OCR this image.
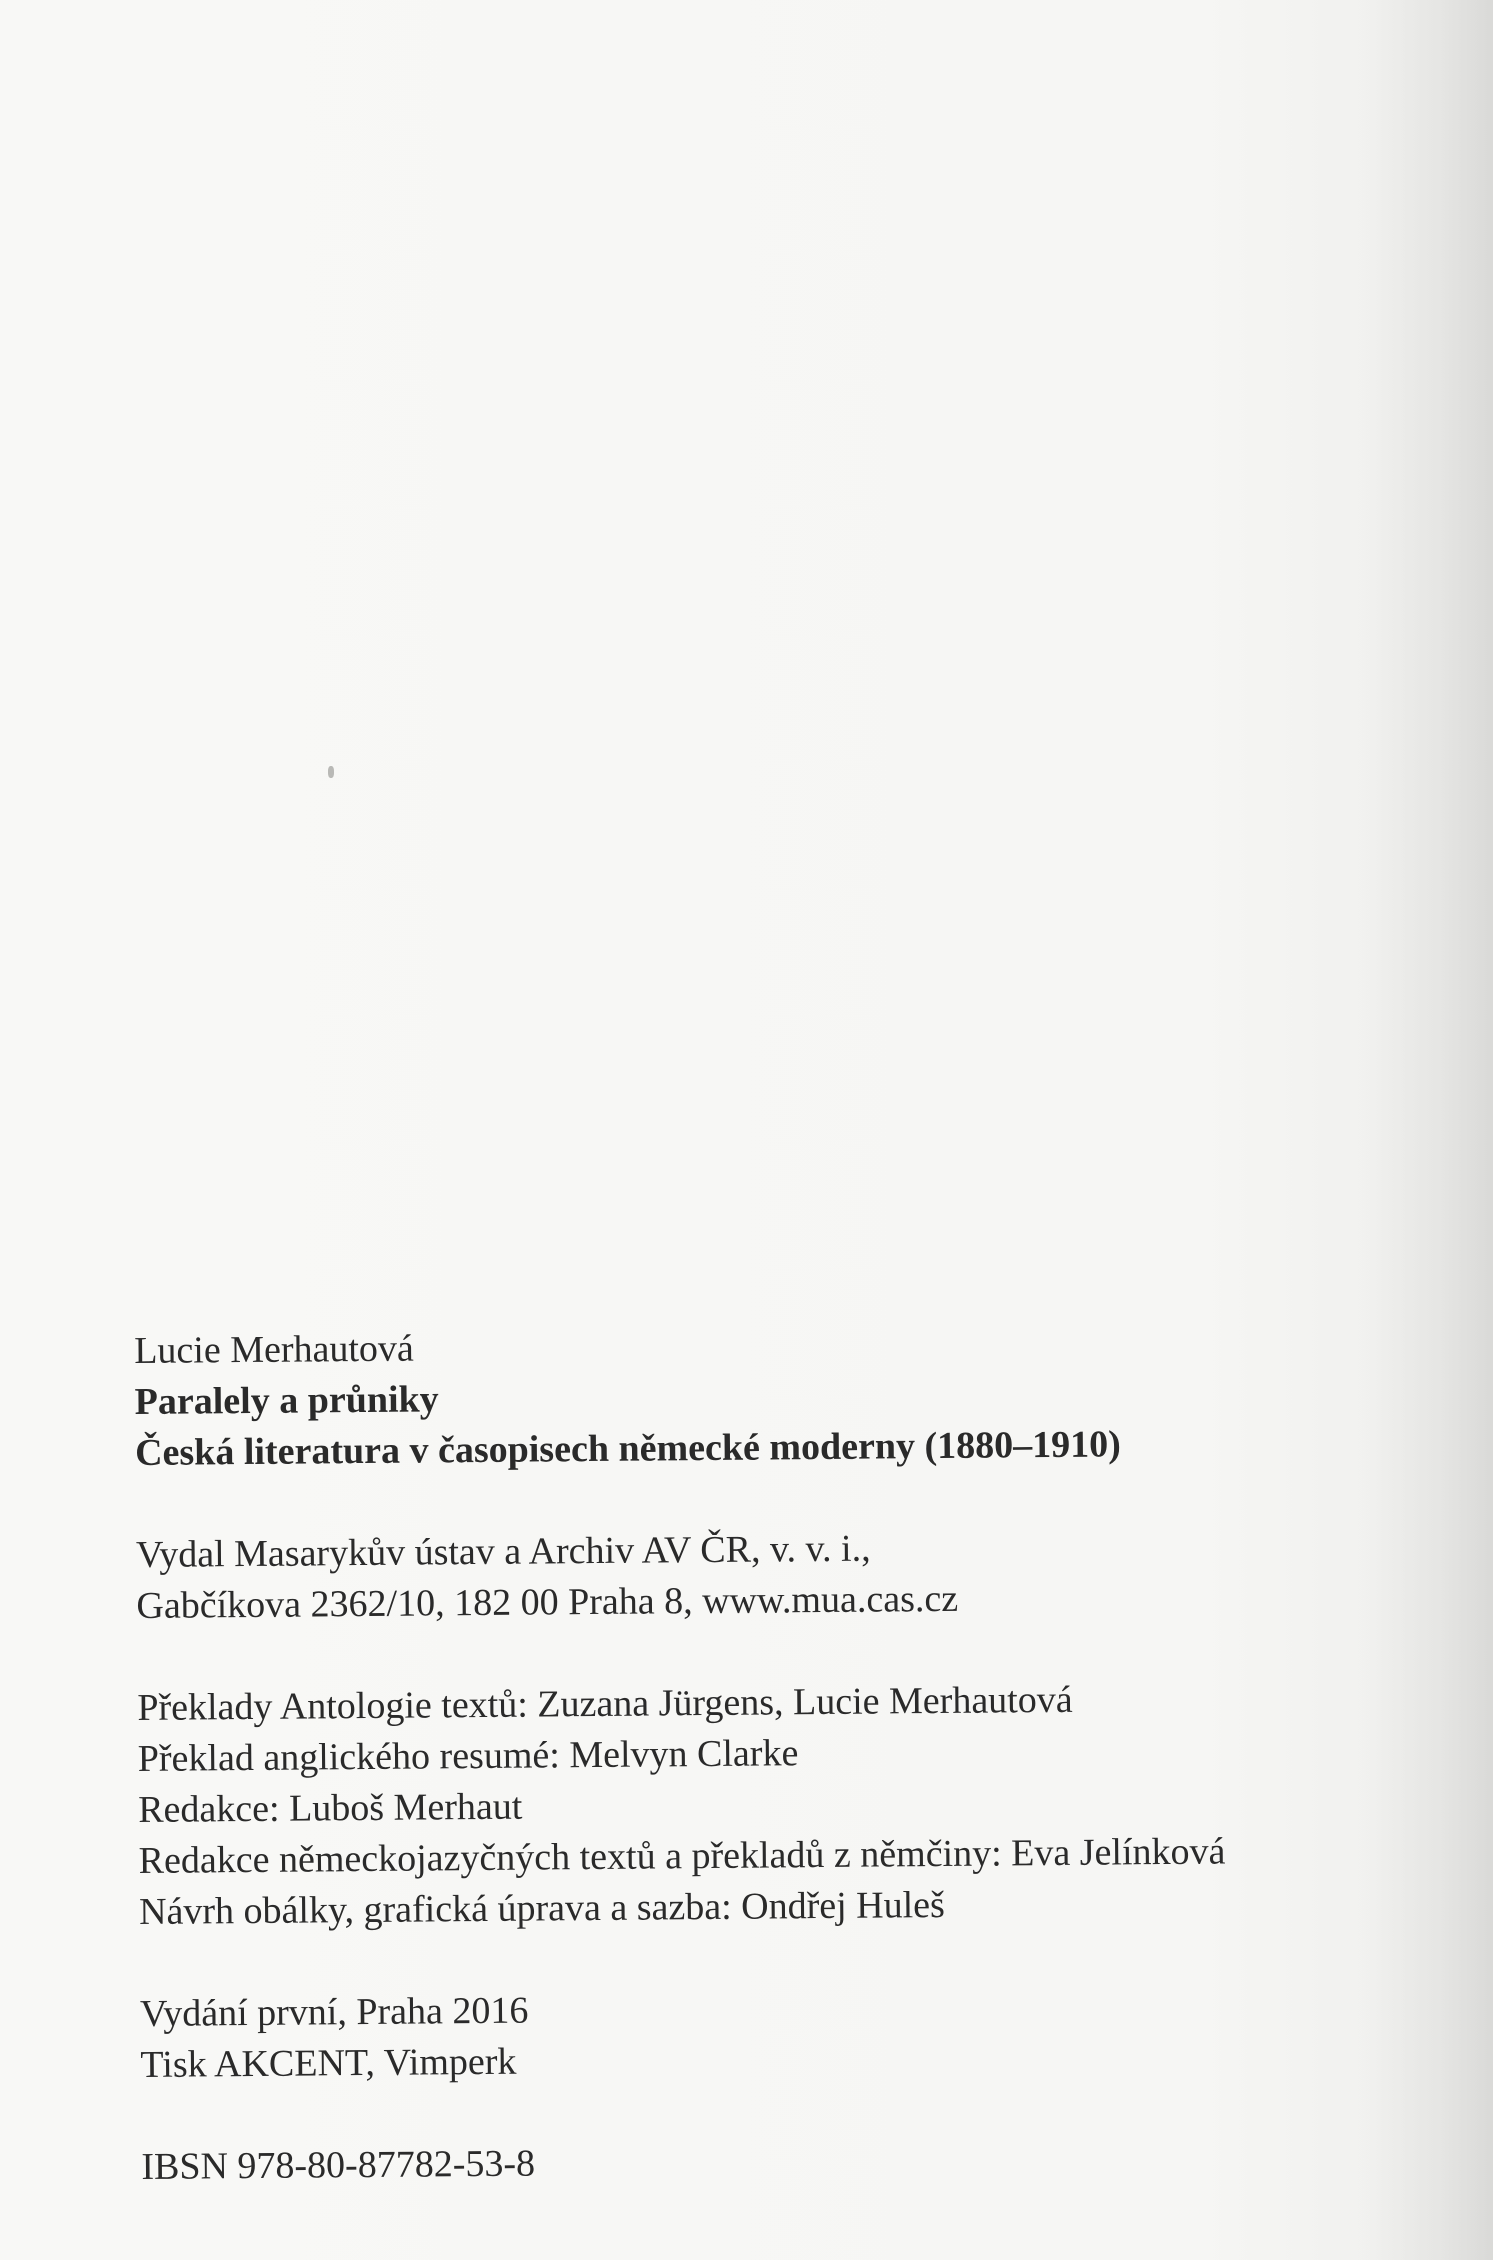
Lucie Merhautová
Paralely a průniky
Česká literatura v časopisech německé moderny (1880–1910)
Vydal Masarykův ústav a Archiv AV ČR, v. v. i.,
Gabčíkova 2362/10, 182 00 Praha 8, www.mua.cas.cz
Překlady Antologie textů: Zuzana Jürgens, Lucie Merhautová
Překlad anglického resumé: Melvyn Clarke
Redakce: Luboš Merhaut
Redakce německojazyčných textů a překladů z němčiny: Eva Jelínková
Návrh obálky, grafická úprava a sazba: Ondřej Huleš
Vydání první, Praha 2016
Tisk AKCENT, Vimperk
IBSN 978-80-87782-53-8
